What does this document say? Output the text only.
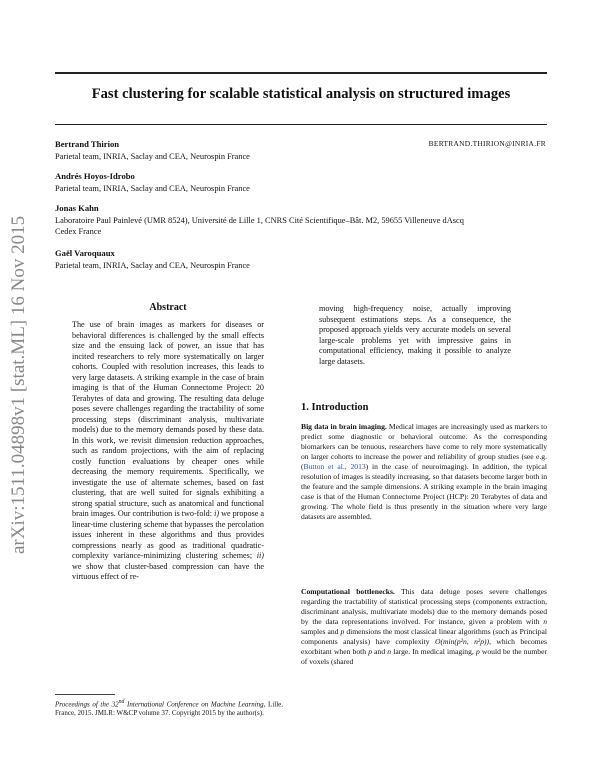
arXiv:1511.04898v1 [stat.ML] 16 Nov 2015
Fast clustering for scalable statistical analysis on structured images
Bertrand Thirion	BERTRAND.THIRION@INRIA.FR
Parietal team, INRIA, Saclay and CEA, Neurospin France
Andrés Hoyos-Idrobo
Parietal team, INRIA, Saclay and CEA, Neurospin France
Jonas Kahn
Laboratoire Paul Painlevé (UMR 8524), Université de Lille 1, CNRS Cité Scientifique–Bât. M2, 59655 Villeneuve dAscq
Cedex France
Gaël Varoquaux
Parietal team, INRIA, Saclay and CEA, Neurospin France
Abstract
The use of brain images as markers for diseases or behavioral differences is challenged by the small effects size and the ensuing lack of power, an issue that has incited researchers to rely more systematically on larger cohorts. Coupled with resolution increases, this leads to very large datasets. A striking example in the case of brain imaging is that of the Human Connectome Project: 20 Terabytes of data and growing. The resulting data deluge poses severe challenges regarding the tractability of some processing steps (discriminant analysis, multivariate models) due to the memory demands posed by these data. In this work, we revisit dimension reduction approaches, such as random projections, with the aim of replacing costly function evaluations by cheaper ones while decreasing the memory requirements. Specifically, we investigate the use of alternate schemes, based on fast clustering, that are well suited for signals exhibiting a strong spatial structure, such as anatomical and functional brain images. Our contribution is two-fold: i) we propose a linear-time clustering scheme that bypasses the percolation issues inherent in these algorithms and thus provides compressions nearly as good as traditional quadratic-complexity variance-minimizing clustering schemes; ii) we show that cluster-based compression can have the virtuous effect of re-
moving high-frequency noise, actually improving subsequent estimations steps. As a consequence, the proposed approach yields very accurate models on several large-scale problems yet with impressive gains in computational efficiency, making it possible to analyze large datasets.
1. Introduction
Big data in brain imaging. Medical images are increasingly used as markers to predict some diagnostic or behavioral outcome. As the corresponding biomarkers can be tenuous, researchers have come to rely more systematically on larger cohorts to increase the power and reliability of group studies (see e.g. (Button et al., 2013) in the case of neuroimaging). In addition, the typical resolution of images is steadily increasing, so that datasets become larger both in the feature and the sample dimensions. A striking example in the brain imaging case is that of the Human Connectome Project (HCP): 20 Terabytes of data and growing. The whole field is thus presently in the situation where very large datasets are assembled.
Computational bottlenecks. This data deluge poses severe challenges regarding the tractability of statistical processing steps (components extraction, discriminant analysis, multivariate models) due to the memory demands posed by the data representations involved. For instance, given a problem with n samples and p dimensions the most classical linear algorithms (such as Principal components analysis) have complexity O(min(p²n, n²p)), which becomes exorbitant when both p and n large. In medical imaging, p would be the number of voxels (shared
Proceedings of the 32nd International Conference on Machine Learning, Lille, France, 2015. JMLR: W&CP volume 37. Copyright 2015 by the author(s).
